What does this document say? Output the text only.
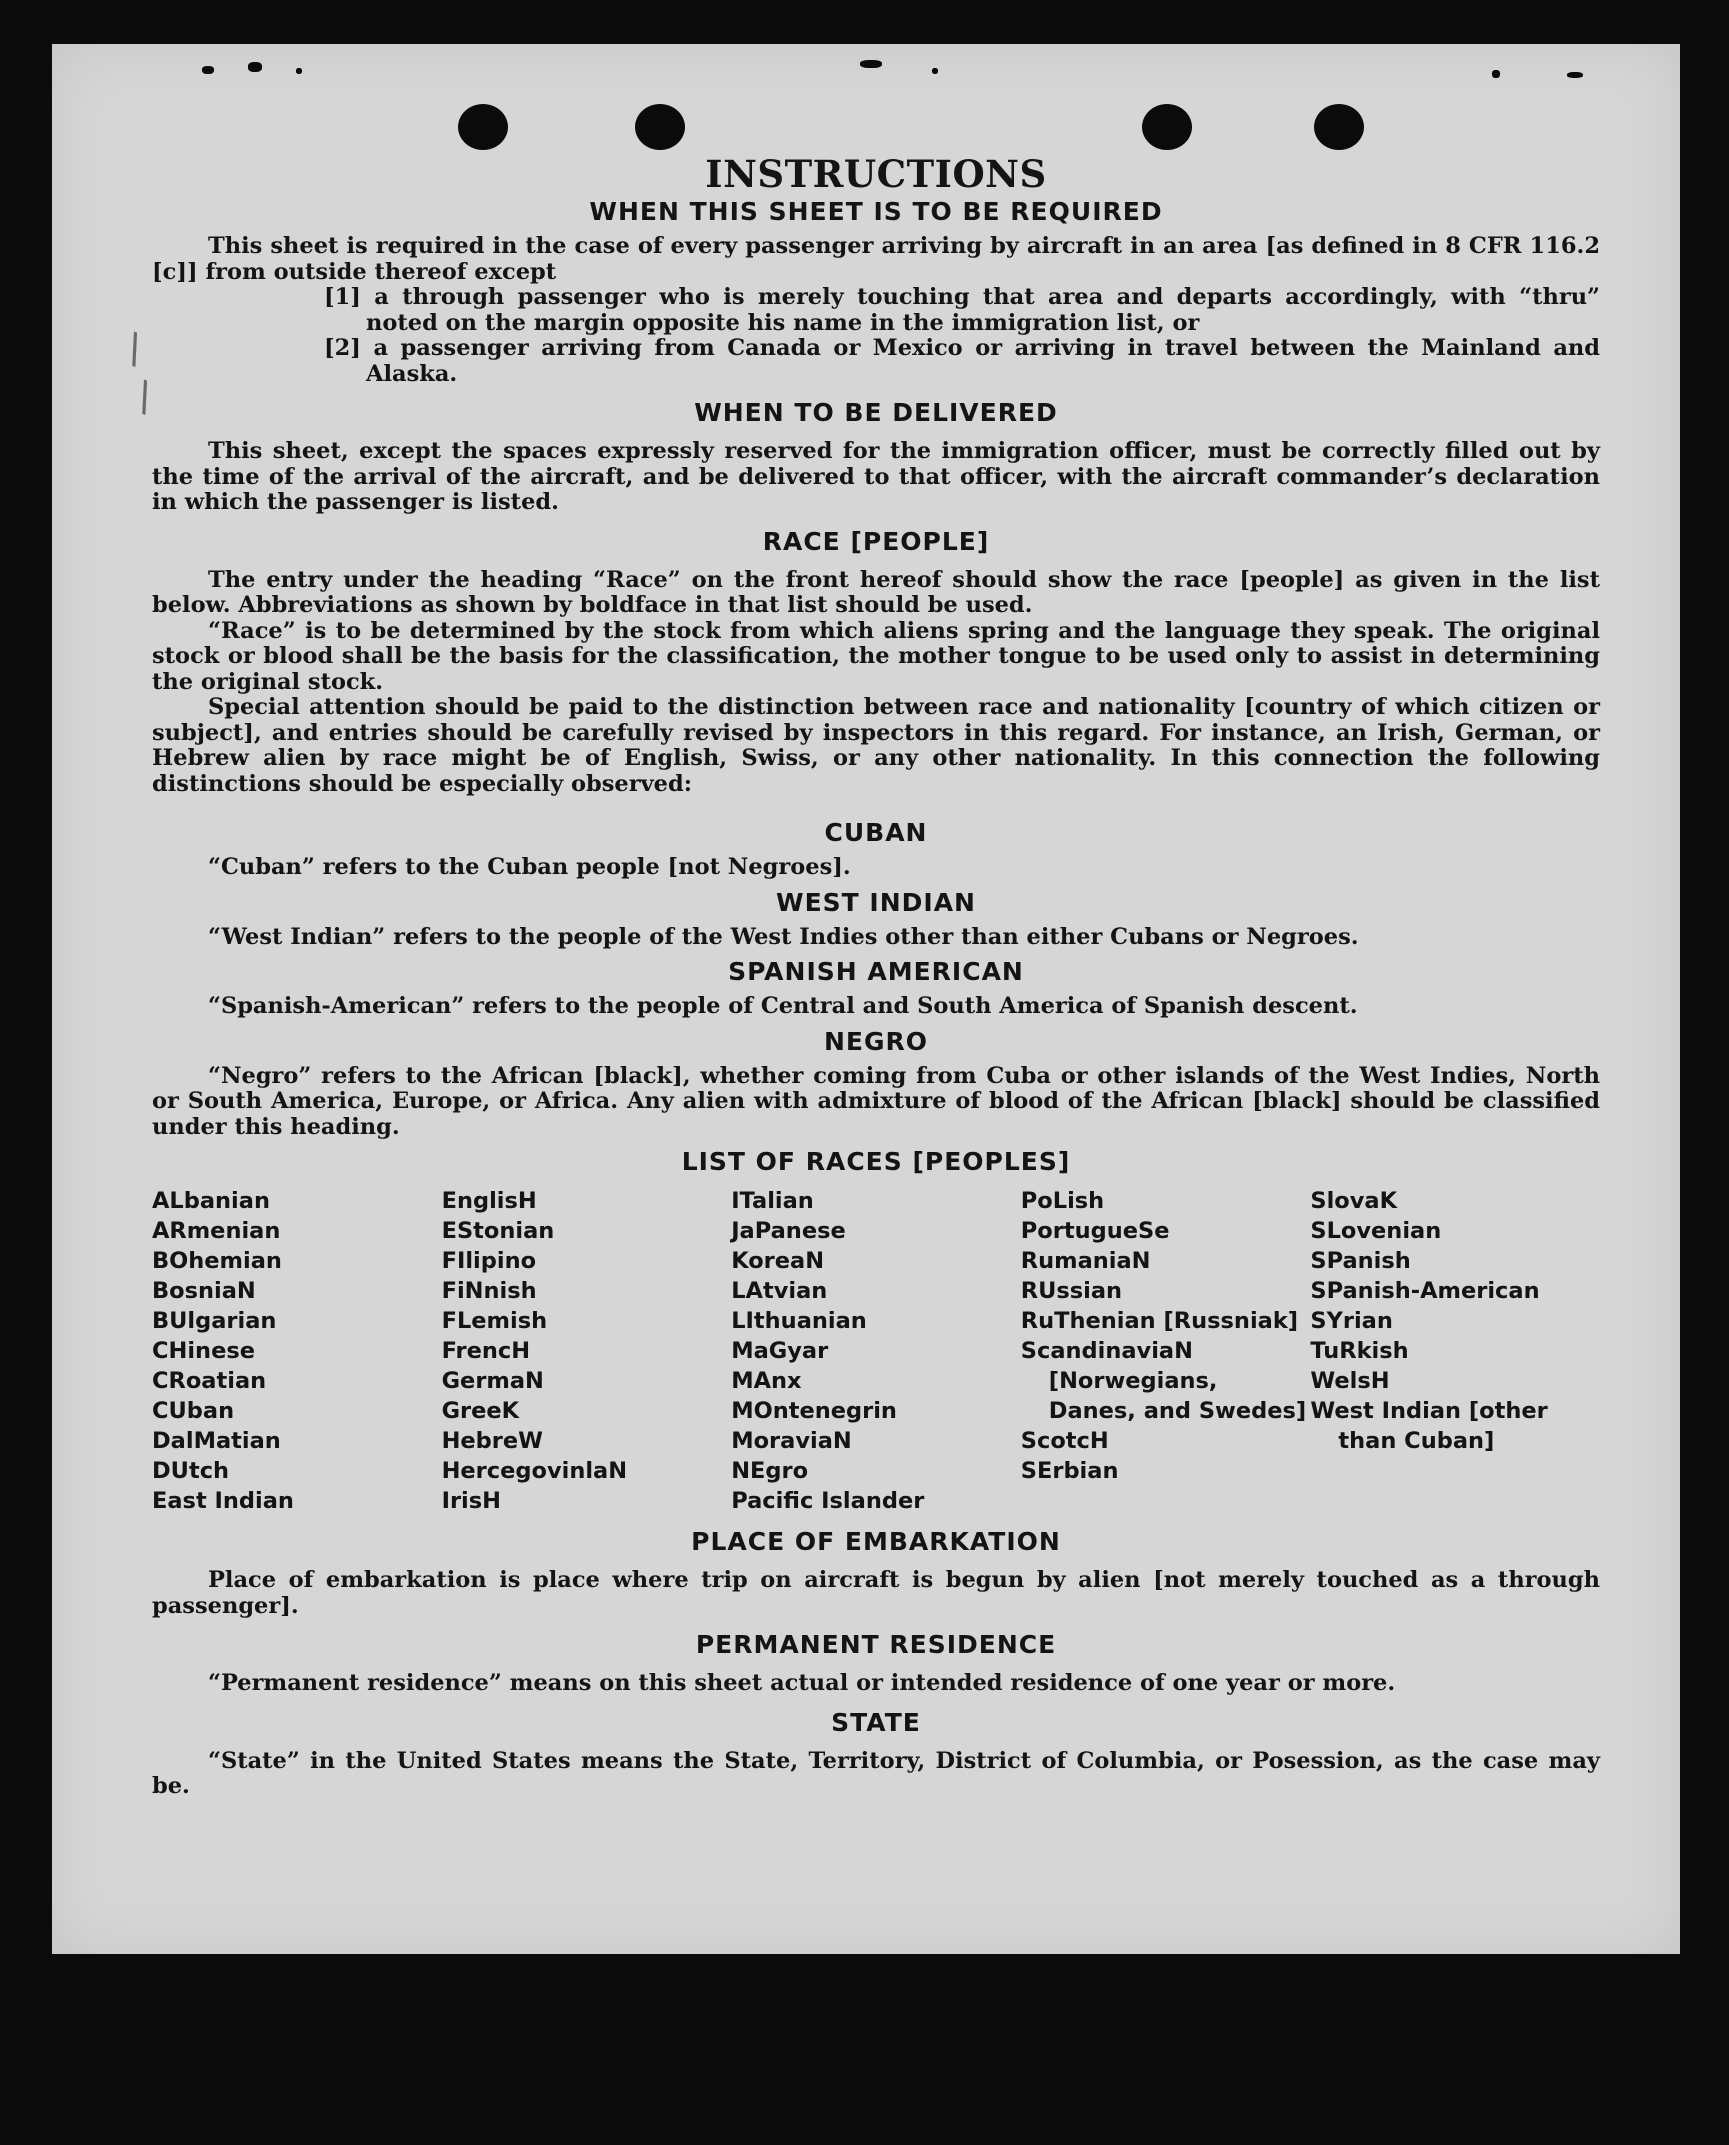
\
\
INSTRUCTIONS
WHEN THIS SHEET IS TO BE REQUIRED

This sheet is required in the case of every passenger arriving by aircraft in an area [as defined in 8 CFR 116.2 [c]] from outside thereof except

[1] a through passenger who is merely touching that area and departs accordingly, with “thru” noted on the margin opposite his name in the immigration list, or

[2] a passenger arriving from Canada or Mexico or arriving in travel between the Mainland and Alaska.

WHEN TO BE DELIVERED

This sheet, except the spaces expressly reserved for the immigration officer, must be correctly filled out by the time of the arrival of the aircraft, and be delivered to that officer, with the aircraft commander’s declaration in which the passenger is listed.

RACE [PEOPLE]

The entry under the heading “Race” on the front hereof should show the race [people] as given in the list below. Abbreviations as shown by boldface in that list should be used.

“Race” is to be determined by the stock from which aliens spring and the language they speak. The original stock or blood shall be the basis for the classification, the mother tongue to be used only to assist in determining the original stock.

Special attention should be paid to the distinction between race and nationality [country of which citizen or subject], and entries should be carefully revised by inspectors in this regard. For instance, an Irish, German, or Hebrew alien by race might be of English, Swiss, or any other nationality. In this connection the following distinctions should be especially observed:

CUBAN

“Cuban” refers to the Cuban people [not Negroes].

WEST INDIAN

“West Indian” refers to the people of the West Indies other than either Cubans or Negroes.

SPANISH AMERICAN

“Spanish-American” refers to the people of Central and South America of Spanish descent.

NEGRO

“Negro” refers to the African [black], whether coming from Cuba or other islands of the West Indies, North or South America, Europe, or Africa. Any alien with admixture of blood of the African [black] should be classified under this heading.

LIST OF RACES [PEOPLES]
ALbanian
ARmenian
BOhemian
BosniaN
BUlgarian
CHinese
CRoatian
CUban
DalMatian
DUtch
East Indian
EnglisH
EStonian
FIlipino
FiNnish
FLemish
FrencH
GermaN
GreeK
HebreW
HercegovinlaN
IrisH
ITalian
JaPanese
KoreaN
LAtvian
LIthuanian
MaGyar
MAnx
MOntenegrin
MoraviaN
NEgro
Pacific Islander
PoLish
PortugueSe
RumaniaN
RUssian
RuThenian [Russniak]
ScandinaviaN [Norwegians, Danes, and Swedes]
ScotcH
SErbian
SlovaK
SLovenian
SPanish
SPanish-American
SYrian
TuRkish
WelsH
West Indian [other than Cuban]
PLACE OF EMBARKATION

Place of embarkation is place where trip on aircraft is begun by alien [not merely touched as a through passenger].

PERMANENT RESIDENCE

“Permanent residence” means on this sheet actual or intended residence of one year or more.

STATE

“State” in the United States means the State, Territory, District of Columbia, or Posession, as the case may be.
